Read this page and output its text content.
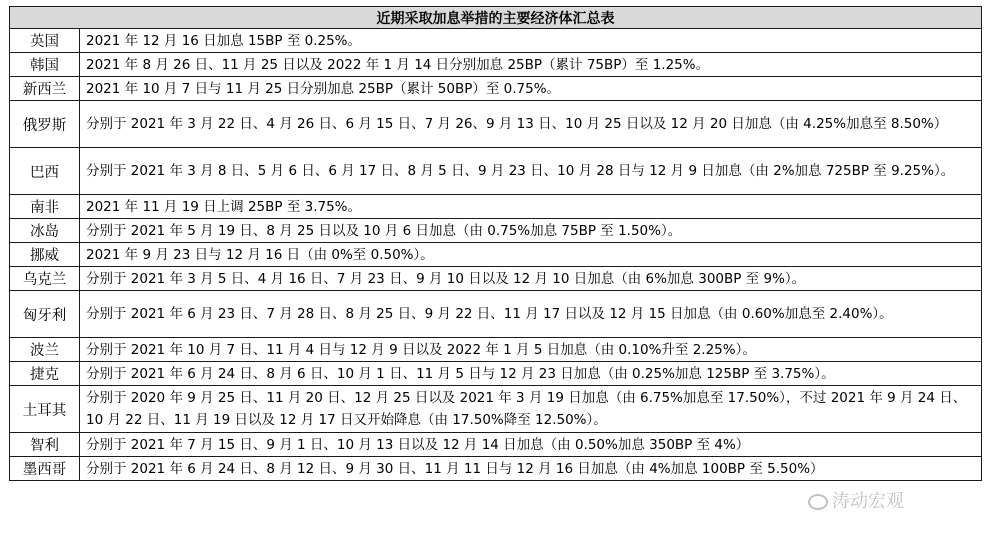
近期采取加息举措的主要经济体汇总表	
英国	2021 年 12 月 16 日加息 15BP 至 0.25%。
韩国	2021 年 8 月 26 日、11 月 25 日以及 2022 年 1 月 14 日分别加息 25BP（累计 75BP）至 1.25%。
新西兰	2021 年 10 月 7 日与 11 月 25 日分别加息 25BP（累计 50BP）至 0.75%。
俄罗斯	分别于 2021 年 3 月 22 日、4 月 26 日、6 月 15 日、7 月 26、9 月 13 日、10 月 25 日以及 12 月 20 日加息（由 4.25%加息至 8.50%）
巴西	分别于 2021 年 3 月 8 日、5 月 6 日、6 月 17 日、8 月 5 日、9 月 23 日、10 月 28 日与 12 月 9 日加息（由 2%加息 725BP 至 9.25%）。
南非	2021 年 11 月 19 日上调 25BP 至 3.75%。
冰岛	分别于 2021 年 5 月 19 日、8 月 25 日以及 10 月 6 日加息（由 0.75%加息 75BP 至 1.50%）。
挪威	2021 年 9 月 23 日与 12 月 16 日（由 0%至 0.50%）。
乌克兰	分别于 2021 年 3 月 5 日、4 月 16 日、7 月 23 日、9 月 10 日以及 12 月 10 日加息（由 6%加息 300BP 至 9%）。
匈牙利	分别于 2021 年 6 月 23 日、7 月 28 日、8 月 25 日、9 月 22 日、11 月 17 日以及 12 月 15 日加息（由 0.60%加息至 2.40%）。
波兰	分别于 2021 年 10 月 7 日、11 月 4 日与 12 月 9 日以及 2022 年 1 月 5 日加息（由 0.10%升至 2.25%）。
捷克	分别于 2021 年 6 月 24 日、8 月 6 日、10 月 1 日、11 月 5 日与 12 月 23 日加息（由 0.25%加息 125BP 至 3.75%）。
土耳其	分别于 2020 年 9 月 25 日、11 月 20 日、12 月 25 日以及 2021 年 3 月 19 日加息（由 6.75%加息至 17.50%），不过 2021 年 9 月 24 日、10 月 22 日、11 月 19 日以及 12 月 17 日又开始降息（由 17.50%降至 12.50%）。
智利	分别于 2021 年 7 月 15 日、9 月 1 日、10 月 13 日以及 12 月 14 日加息（由 0.50%加息 350BP 至 4%）
墨西哥	分别于 2021 年 6 月 24 日、8 月 12 日、9 月 30 日、11 月 11 日与 12 月 16 日加息（由 4%加息 100BP 至 5.50%）
涛动宏观
